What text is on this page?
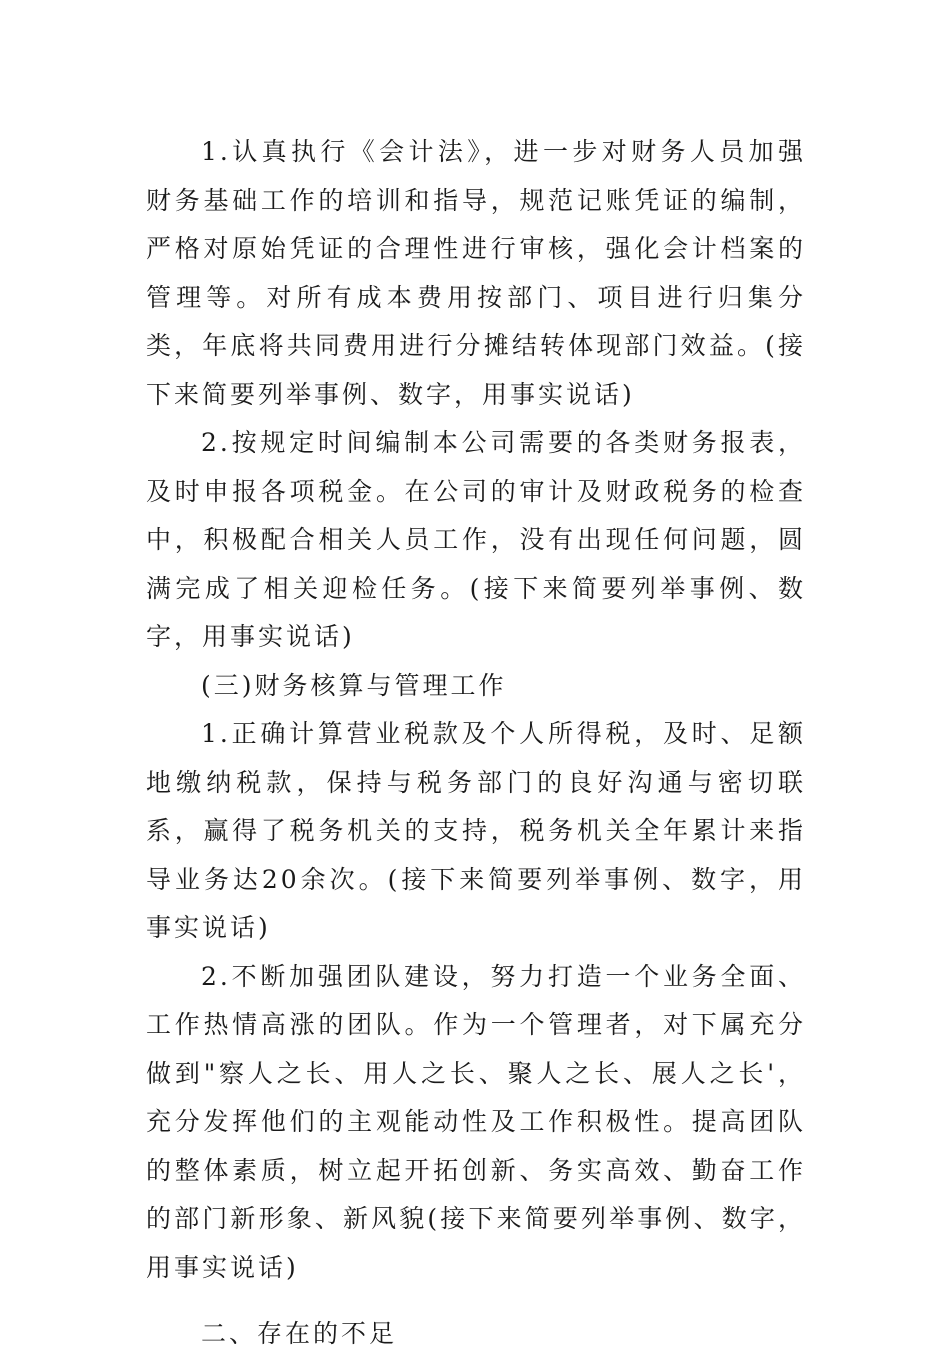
1.认真执行《会计法》，进一步对财务人员加强财务基础工作的培训和指导，规范记账凭证的编制，严格对原始凭证的合理性进行审核，强化会计档案的管理等。对所有成本费用按部门、项目进行归集分类，年底将共同费用进行分摊结转体现部门效益。(接下来简要列举事例、数字，用事实说话)

2.按规定时间编制本公司需要的各类财务报表，及时申报各项税金。在公司的审计及财政税务的检查中，积极配合相关人员工作，没有出现任何问题，圆满完成了相关迎检任务。(接下来简要列举事例、数字，用事实说话)

(三)财务核算与管理工作

1.正确计算营业税款及个人所得税，及时、足额地缴纳税款，保持与税务部门的良好沟通与密切联系，赢得了税务机关的支持，税务机关全年累计来指导业务达20余次。(接下来简要列举事例、数字，用事实说话)

2.不断加强团队建设，努力打造一个业务全面、工作热情高涨的团队。作为一个管理者，对下属充分做到"察人之长、用人之长、聚人之长、展人之长'，充分发挥他们的主观能动性及工作积极性。提高团队的整体素质，树立起开拓创新、务实高效、勤奋工作的部门新形象、新风貌(接下来简要列举事例、数字，用事实说话)

二、存在的不足
